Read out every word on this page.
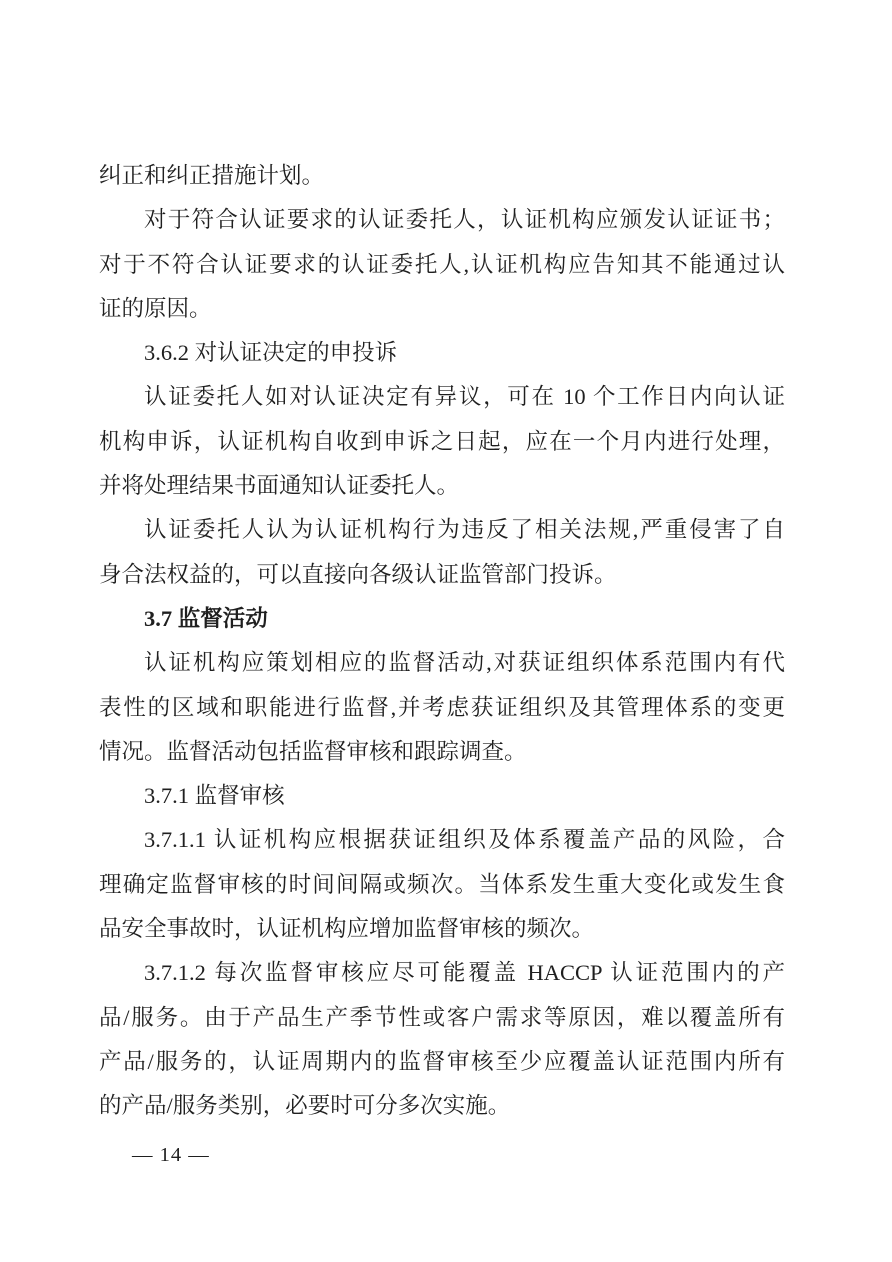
纠正和纠正措施计划。
对于符合认证要求的认证委托人，认证机构应颁发认证证书；
对于不符合认证要求的认证委托人,认证机构应告知其不能通过认
证的原因。
3.6.2 对认证决定的申投诉
认证委托人如对认证决定有异议，可在 10 个工作日内向认证
机构申诉，认证机构自收到申诉之日起，应在一个月内进行处理，
并将处理结果书面通知认证委托人。
认证委托人认为认证机构行为违反了相关法规,严重侵害了自
身合法权益的，可以直接向各级认证监管部门投诉。
3.7 监督活动
认证机构应策划相应的监督活动,对获证组织体系范围内有代
表性的区域和职能进行监督,并考虑获证组织及其管理体系的变更
情况。监督活动包括监督审核和跟踪调查。
3.7.1 监督审核
3.7.1.1 认证机构应根据获证组织及体系覆盖产品的风险，合
理确定监督审核的时间间隔或频次。当体系发生重大变化或发生食
品安全事故时，认证机构应增加监督审核的频次。
3.7.1.2 每次监督审核应尽可能覆盖 HACCP 认证范围内的产
品/服务。由于产品生产季节性或客户需求等原因，难以覆盖所有
产品/服务的，认证周期内的监督审核至少应覆盖认证范围内所有
的产品/服务类别，必要时可分多次实施。
— 14 —
